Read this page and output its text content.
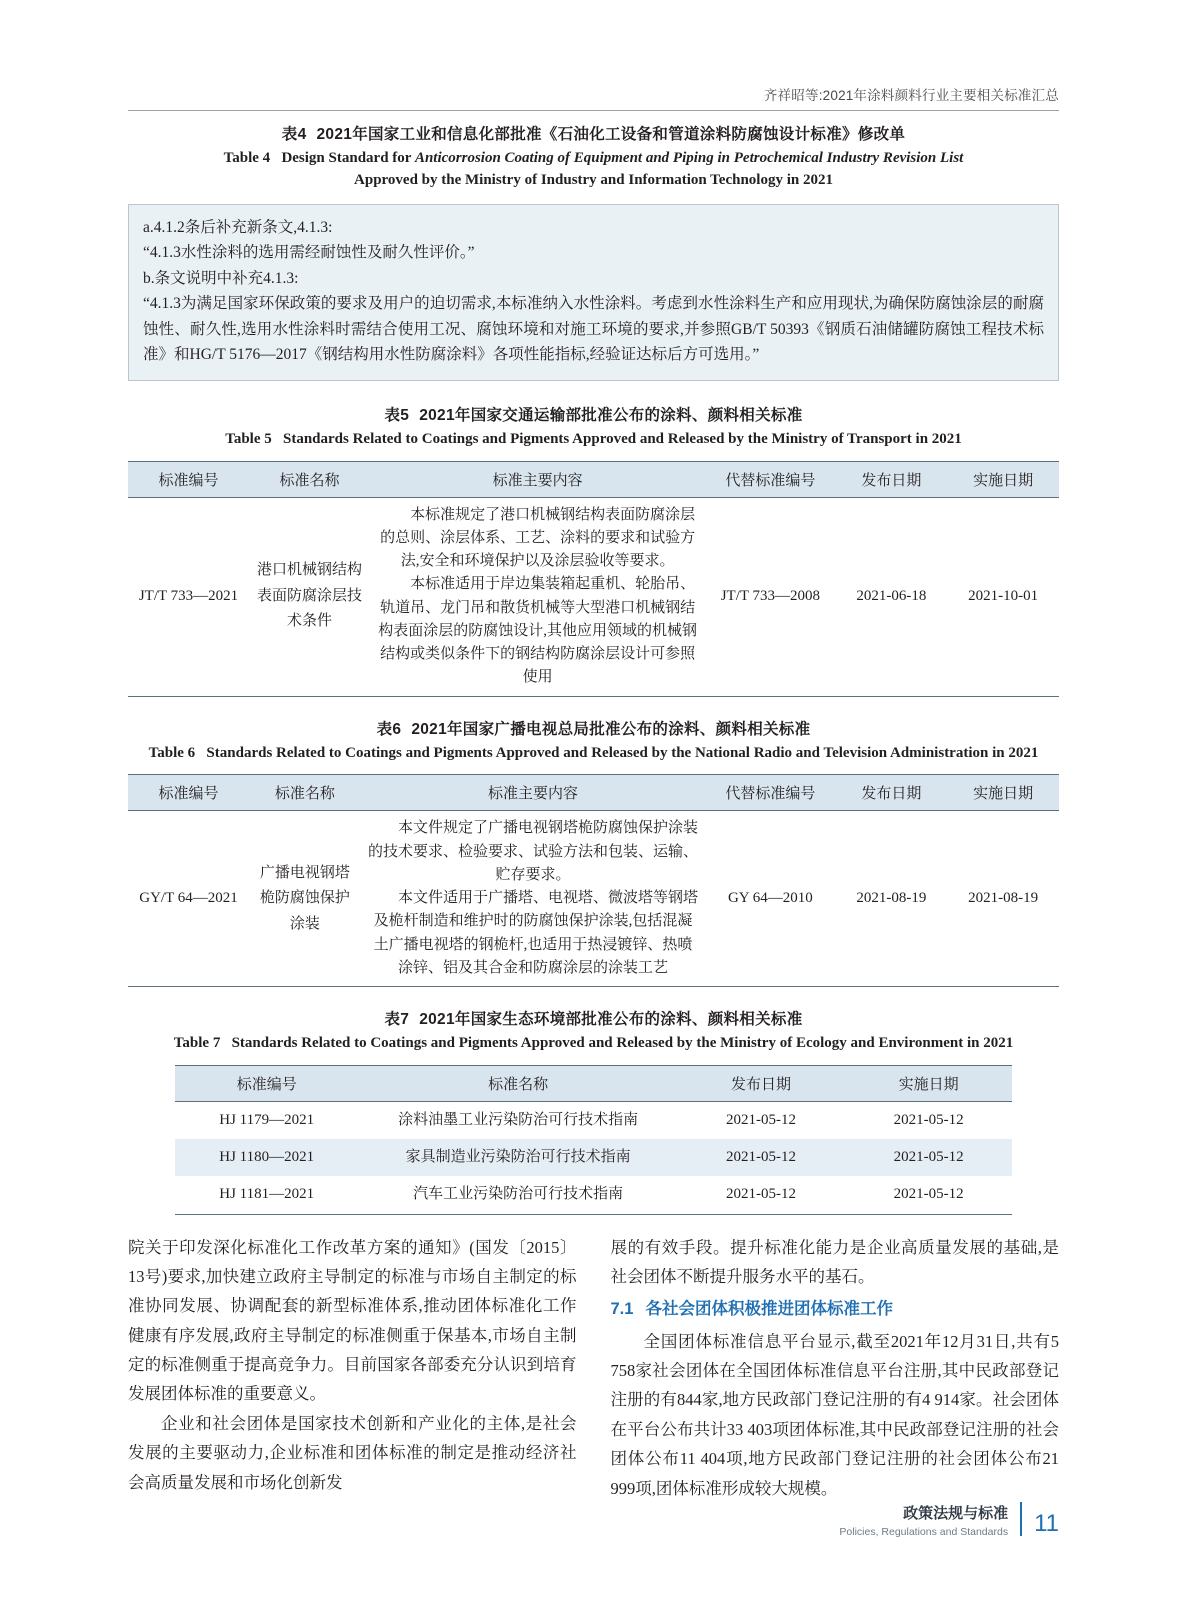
齐祥昭等:2021年涂料颜料行业主要相关标准汇总
表4 2021年国家工业和信息化部批准《石油化工设备和管道涂料防腐蚀设计标准》修改单
Table 4 Design Standard for Anticorrosion Coating of Equipment and Piping in Petrochemical Industry Revision List
Approved by the Ministry of Industry and Information Technology in 2021

a.4.1.2条后补充新条文,4.1.3:

“4.1.3水性涂料的选用需经耐蚀性及耐久性评价。”

b.条文说明中补充4.1.3:

“4.1.3为满足国家环保政策的要求及用户的迫切需求,本标准纳入水性涂料。考虑到水性涂料生产和应用现状,为确保防腐蚀涂层的耐腐蚀性、耐久性,选用水性涂料时需结合使用工况、腐蚀环境和对施工环境的要求,并参照GB/T 50393《钢质石油储罐防腐蚀工程技术标准》和HG/T 5176—2017《钢结构用水性防腐涂料》各项性能指标,经验证达标后方可选用。”

表5 2021年国家交通运输部批准公布的涂料、颜料相关标准
Table 5 Standards Related to Coatings and Pigments Approved and Released by the Ministry of Transport in 2021
标准编号	标准名称	标准主要内容	代替标准编号	发布日期	实施日期
JT/T 733—2021	港口机械钢结构表面防腐涂层技术条件	本标准规定了港口机械钢结构表面防腐涂层的总则、涂层体系、工艺、涂料的要求和试验方法,安全和环境保护以及涂层验收等要求。

本标准适用于岸边集装箱起重机、轮胎吊、轨道吊、龙门吊和散货机械等大型港口机械钢结构表面涂层的防腐蚀设计,其他应用领域的机械钢结构或类似条件下的钢结构防腐涂层设计可参照使用	JT/T 733—2008	2021-06-18	2021-10-01
表6 2021年国家广播电视总局批准公布的涂料、颜料相关标准
Table 6 Standards Related to Coatings and Pigments Approved and Released by the National Radio and Television Administration in 2021
标准编号	标准名称	标准主要内容	代替标准编号	发布日期	实施日期
GY/T 64—2021	广播电视钢塔桅防腐蚀保护涂装	本文件规定了广播电视钢塔桅防腐蚀保护涂装的技术要求、检验要求、试验方法和包装、运输、贮存要求。

本文件适用于广播塔、电视塔、微波塔等钢塔及桅杆制造和维护时的防腐蚀保护涂装,包括混凝土广播电视塔的钢桅杆,也适用于热浸镀锌、热喷涂锌、铝及其合金和防腐涂层的涂装工艺	GY 64—2010	2021-08-19	2021-08-19
表7 2021年国家生态环境部批准公布的涂料、颜料相关标准
Table 7 Standards Related to Coatings and Pigments Approved and Released by the Ministry of Ecology and Environment in 2021
标准编号	标准名称	发布日期	实施日期
HJ 1179—2021	涂料油墨工业污染防治可行技术指南	2021-05-12	2021-05-12
HJ 1180—2021	家具制造业污染防治可行技术指南	2021-05-12	2021-05-12
HJ 1181—2021	汽车工业污染防治可行技术指南	2021-05-12	2021-05-12

院关于印发深化标准化工作改革方案的通知》(国发〔2015〕13号)要求,加快建立政府主导制定的标准与市场自主制定的标准协同发展、协调配套的新型标准体系,推动团体标准化工作健康有序发展,政府主导制定的标准侧重于保基本,市场自主制定的标准侧重于提高竞争力。目前国家各部委充分认识到培育发展团体标准的重要意义。

企业和社会团体是国家技术创新和产业化的主体,是社会发展的主要驱动力,企业标准和团体标准的制定是推动经济社会高质量发展和市场化创新发

展的有效手段。提升标准化能力是企业高质量发展的基础,是社会团体不断提升服务水平的基石。

7.1 各社会团体积极推进团体标准工作

全国团体标准信息平台显示,截至2021年12月31日,共有5 758家社会团体在全国团体标准信息平台注册,其中民政部登记注册的有844家,地方民政部门登记注册的有4 914家。社会团体在平台公布共计33 403项团体标准,其中民政部登记注册的社会团体公布11 404项,地方民政部门登记注册的社会团体公布21 999项,团体标准形成较大规模。

政策法规与标准
Policies, Regulations and Standards 11
